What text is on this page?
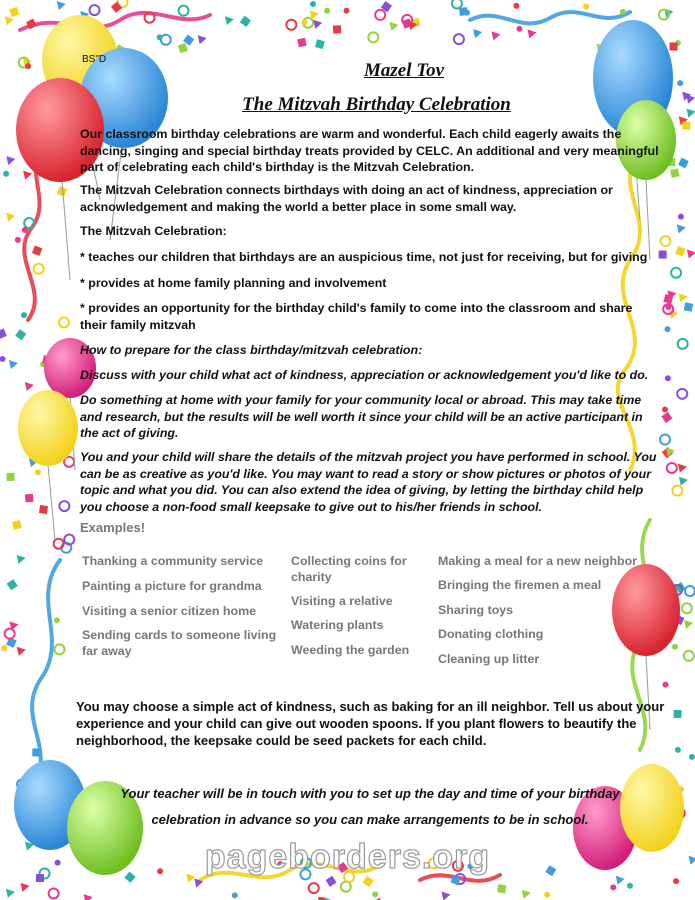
BS"D
Mazel Tov
The Mitzvah Birthday Celebration
Our classroom birthday celebrations are warm and wonderful. Each child eagerly awaits the dancing, singing and special birthday treats provided by CELC. An additional and very meaningful part of celebrating each child's birthday is the Mitzvah Celebration.
The Mitzvah Celebration connects birthdays with doing an act of kindness, appreciation or acknowledgement and making the world a better place in some small way.
The Mitzvah Celebration:
* teaches our children that birthdays are an auspicious time, not just for receiving, but for giving
* provides at home family planning and involvement
* provides an opportunity for the birthday child's family to come into the classroom and share their family mitzvah
How to prepare for the class birthday/mitzvah celebration:
Discuss with your child what act of kindness, appreciation or acknowledgement you'd like to do.
Do something at home with your family for your community local or abroad. This may take time and research, but the results will be well worth it since your child will be an active participant in the act of giving.
You and your child will share the details of the mitzvah project you have performed in school. You can be as creative as you'd like. You may want to read a story or show pictures or photos of your topic and what you did. You can also extend the idea of giving, by letting the birthday child help you choose a non-food small keepsake to give out to his/her friends in school.
Examples!
Thanking a community service
Painting a picture for grandma
Visiting a senior citizen home
Sending cards to someone living far away
Collecting coins for charity
Visiting a relative
Watering plants
Weeding the garden
Making a meal for a new neighbor
Bringing the firemen a meal
Sharing toys
Donating clothing
Cleaning up litter
You may choose a simple act of kindness, such as baking for an ill neighbor. Tell us about your experience and your child can give out wooden spoons. If you plant flowers to beautify the neighborhood, the keepsake could be seed packets for each child.
Your teacher will be in touch with you to set up the day and time of your birthday
celebration in advance so you can make arrangements to be in school.
pageborders.org
